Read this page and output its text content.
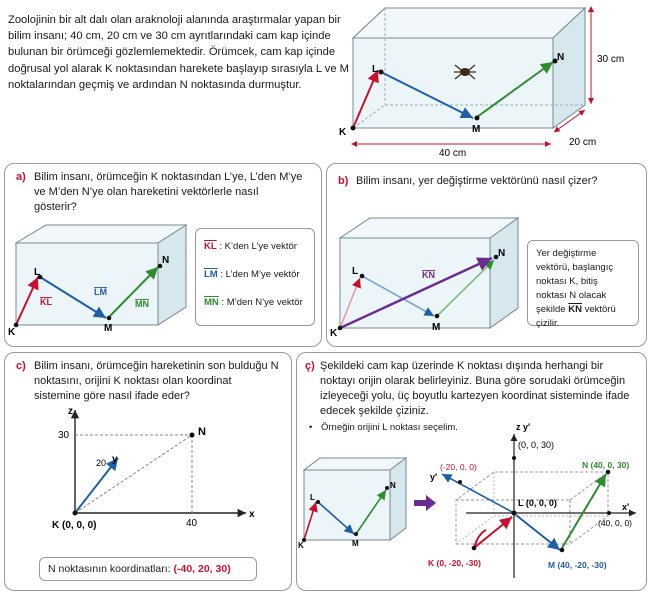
Zoolojinin bir alt dalı olan araknoloji alanında araştırmalar yapan bir bilim insanı; 40 cm, 20 cm ve 30 cm ayrıtlarındaki cam kap içinde bulunan bir örümceği gözlemlemektedir. Örümcek, cam kap içinde doğrusal yol alarak K noktasından harekete başlayıp sırasıyla L ve M noktalarından geçmiş ve ardından N noktasında durmuştur.
K
L
M
N
40 cm
20 cm
30 cm
a) Bilim insanı, örümceğin K noktasından L’ye, L’den M’ye ve M’den N’ye olan hareketini vektörlerle nasıl gösterir?
K
L
M
N
KL
LM
MN
$\overline{KL}$ : K’den L’ye vektör
$\overline{LM}$ : L’den M’ye vektör
$\overline{MN}$ : M’den N’ye vektör
b) Bilim insanı, yer değiştirme vektörünü nasıl çizer?
K
L
M
N
KN
Yer değiştirme vektörü, başlangıç noktası K, bitiş noktası N olacak şekilde $\overline{KN}$ vektörü çizilir.
c) Bilim insanı, örümceğin hareketinin son bulduğu N noktasını, orijini K noktası olan koordinat sistemine göre nasıl ifade eder?
z
x
y
20
30
40
N
K (0, 0, 0)
N noktasının koordinatları: (-40, 20, 30)
ç) Şekildeki cam kap üzerinde K noktası dışında herhangi bir noktayı orijin olarak belirleyiniz. Buna göre sorudaki örümceğin izleyeceği yolu, üç boyutlu kartezyen koordinat sisteminde ifade edecek şekilde çiziniz.
• Örneğin orijini L noktası seçelim.
K
L
M
N
z y'
(0, 0, 30)
y'
(-20, 0, 0)
L (0, 0, 0)	x'
(40, 0, 0)
N (40, 0, 30)
K (0, -20, -30)	M (40, -20, -30)
